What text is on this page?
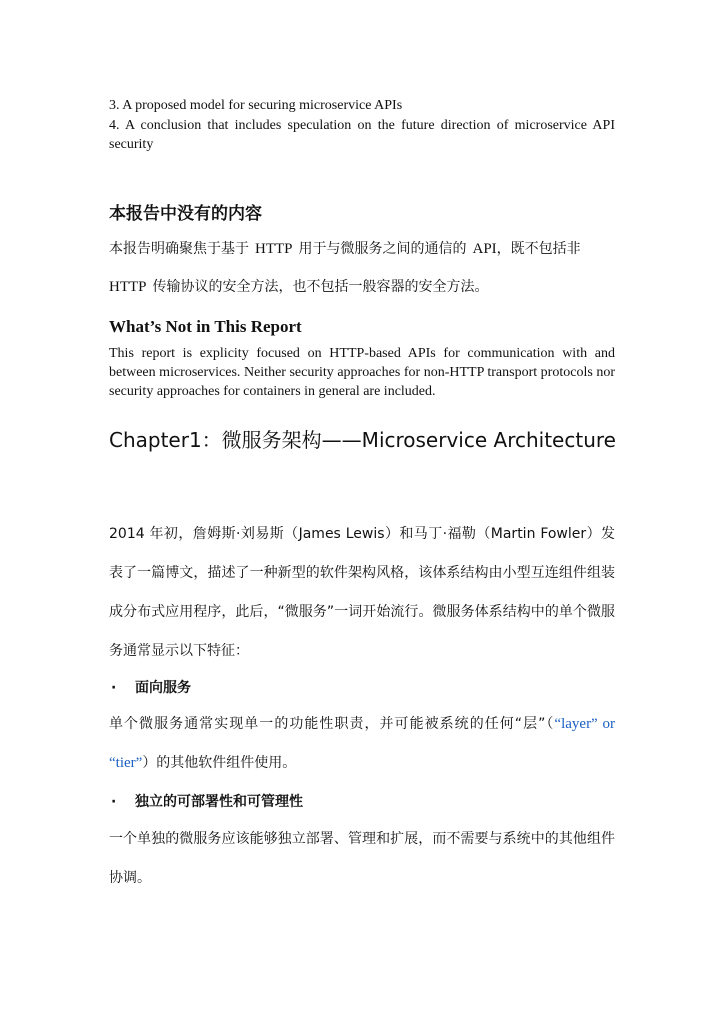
3. A proposed model for securing microservice APIs
4. A conclusion that includes speculation on the future direction of microservice API security
本报告中没有的内容
本报告明确聚焦于基于 HTTP 用于与微服务之间的通信的 API，既不包括非
HTTP 传输协议的安全方法，也不包括一般容器的安全方法。
What’s Not in This Report
This report is explicity focused on HTTP-based APIs for communication with and between microservices. Neither security approaches for non-HTTP transport protocols nor security approaches for containers in general are included.
Chapter1：微服务架构——Microservice Architecture
2014 年初，詹姆斯·刘易斯（James Lewis）和马丁·福勒（Martin Fowler）发表了一篇博文，描述了一种新型的软件架构风格，该体系结构由小型互连组件组装成分布式应用程序，此后，“微服务”一词开始流行。微服务体系结构中的单个微服务通常显示以下特征：
· 面向服务
单个微服务通常实现单一的功能性职责，并可能被系统的任何“层”（“layer” or “tier”）的其他软件组件使用。
· 独立的可部署性和可管理性
一个单独的微服务应该能够独立部署、管理和扩展，而不需要与系统中的其他组件协调。
